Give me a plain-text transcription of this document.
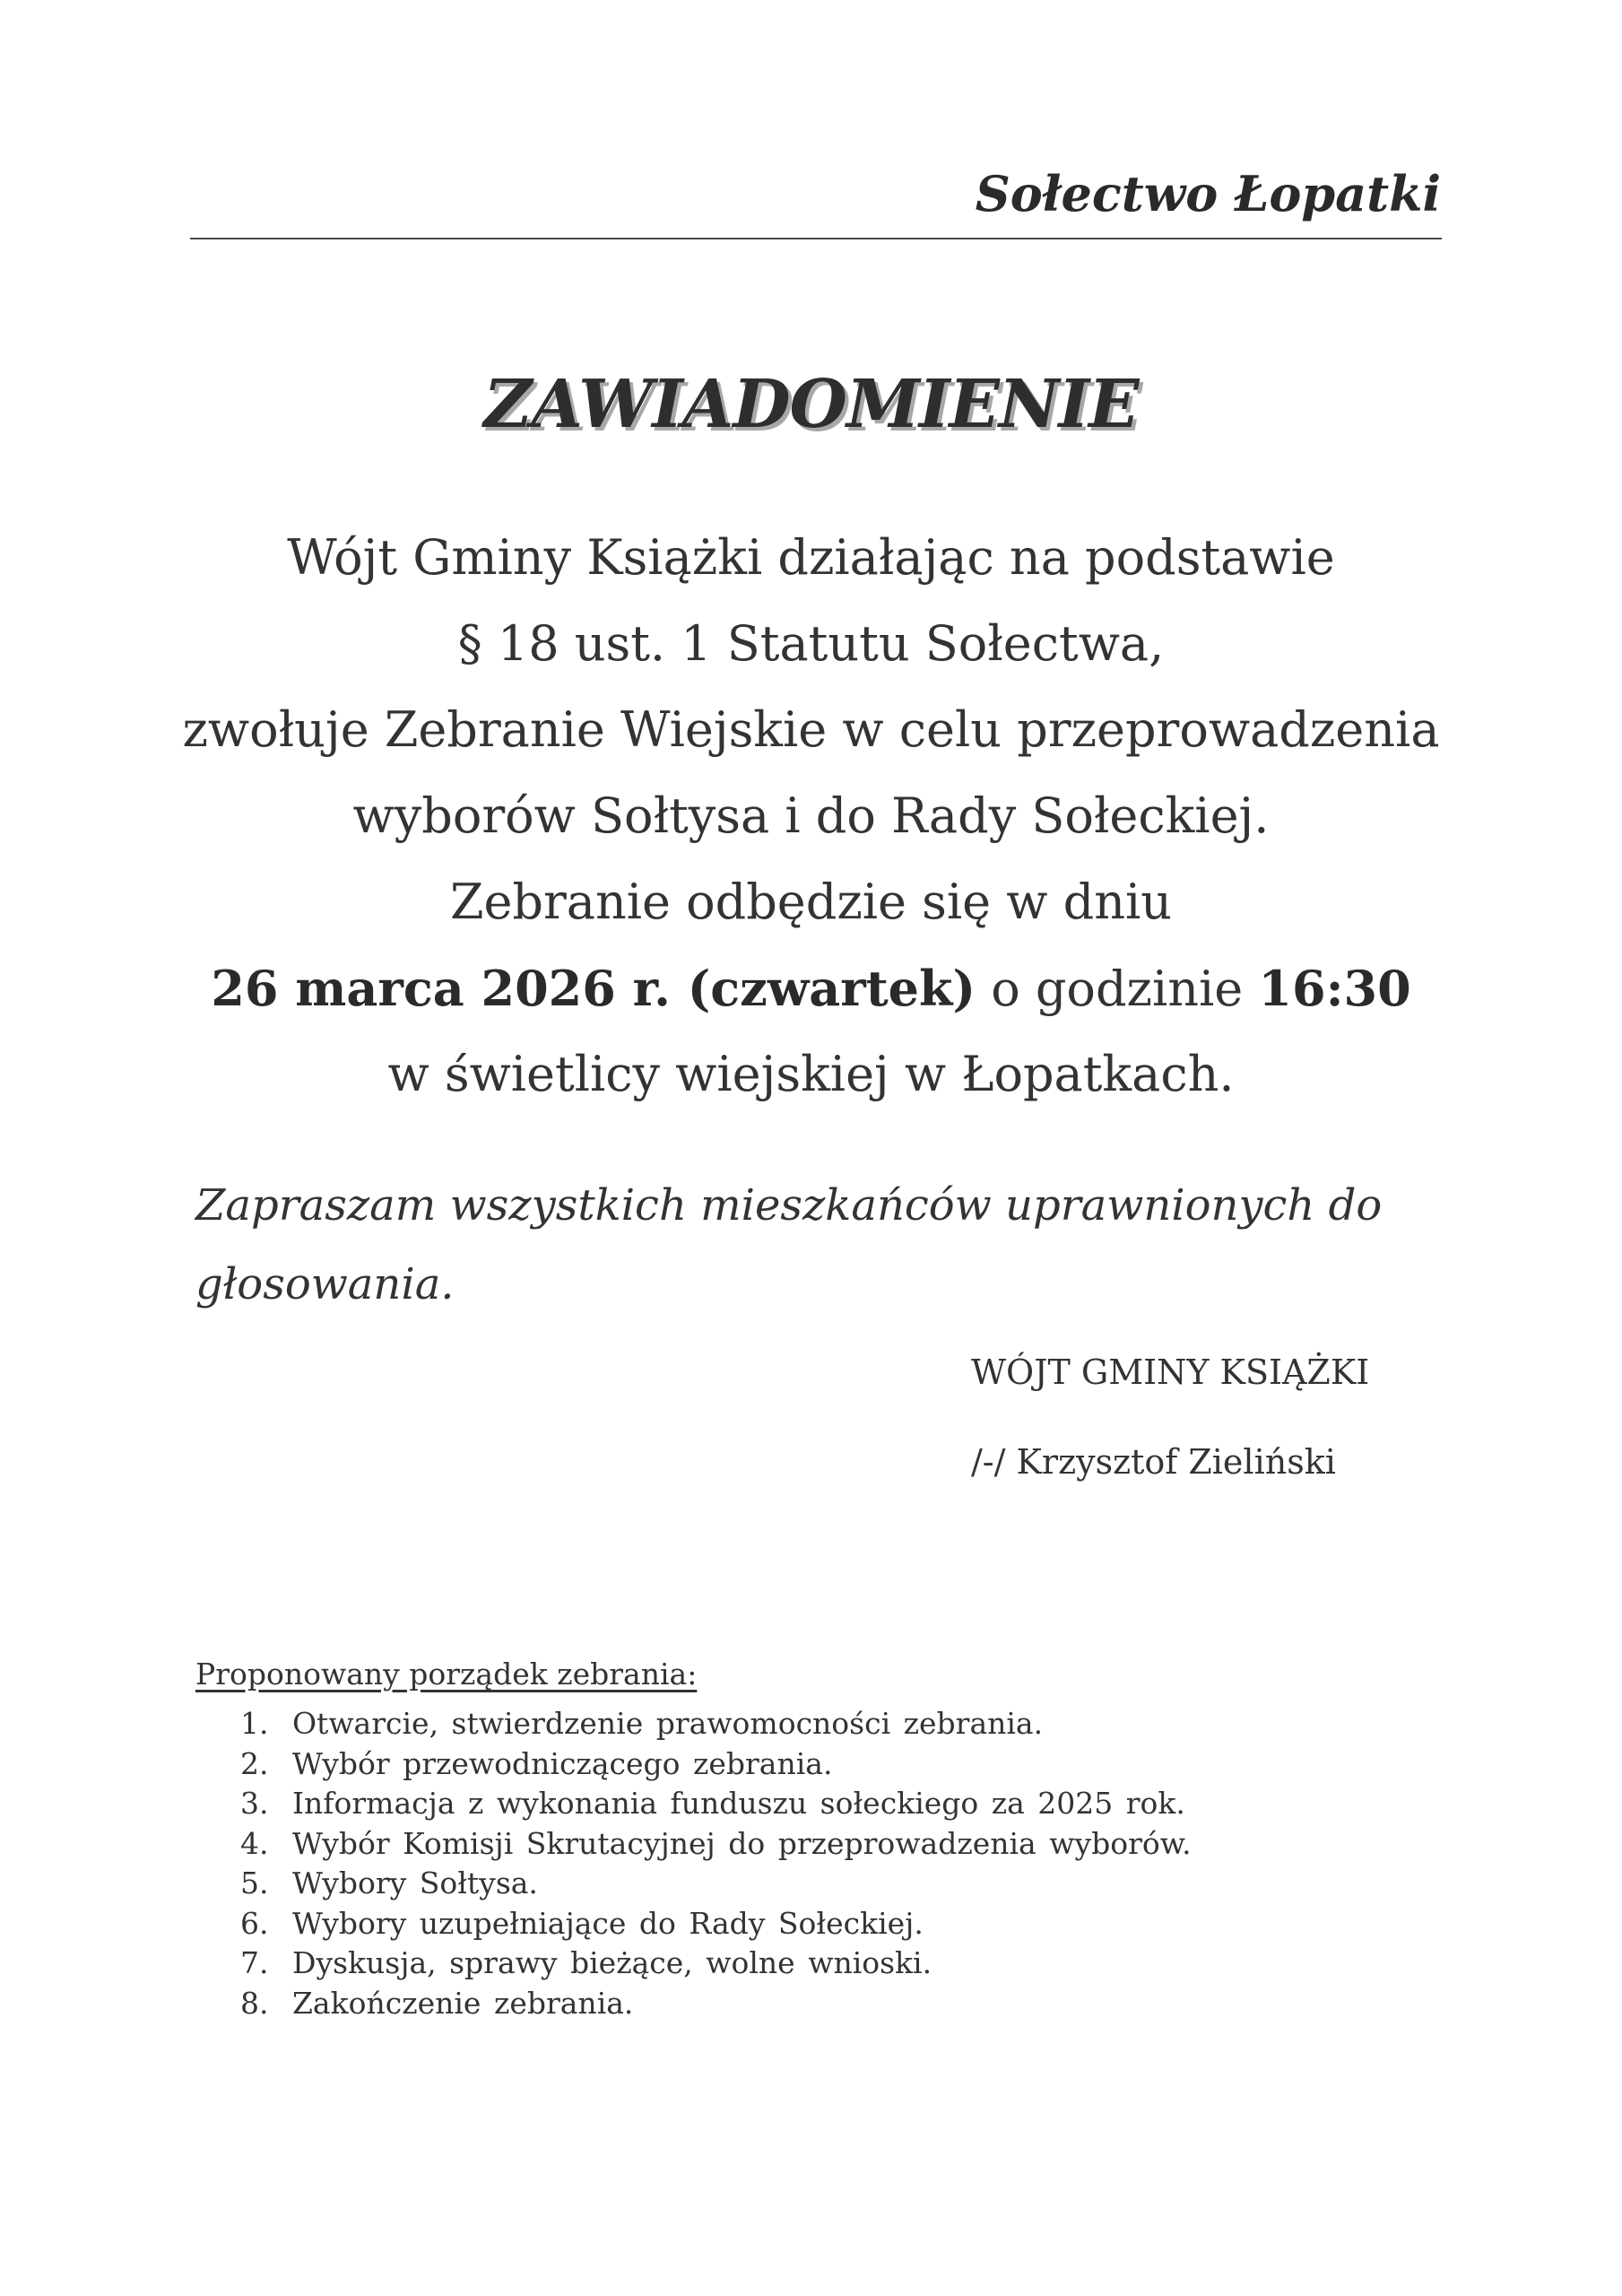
Sołectwo Łopatki
ZAWIADOMIENIE
Wójt Gminy Książki działając na podstawie
§ 18 ust. 1 Statutu Sołectwa,
zwołuje Zebranie Wiejskie w celu przeprowadzenia
wyborów Sołtysa i do Rady Sołeckiej.
Zebranie odbędzie się w dniu
26 marca 2026 r. (czwartek) o godzinie 16:30
w świetlicy wiejskiej w Łopatkach.
Zapraszam wszystkich mieszkańców uprawnionych do
głosowania.
WÓJT GMINY KSIĄŻKI
/-/ Krzysztof Zieliński
Proponowany porządek zebrania:
1. Otwarcie, stwierdzenie prawomocności zebrania.
2. Wybór przewodniczącego zebrania.
3. Informacja z wykonania funduszu sołeckiego za 2025 rok.
4. Wybór Komisji Skrutacyjnej do przeprowadzenia wyborów.
5. Wybory Sołtysa.
6. Wybory uzupełniające do Rady Sołeckiej.
7. Dyskusja, sprawy bieżące, wolne wnioski.
8. Zakończenie zebrania.
